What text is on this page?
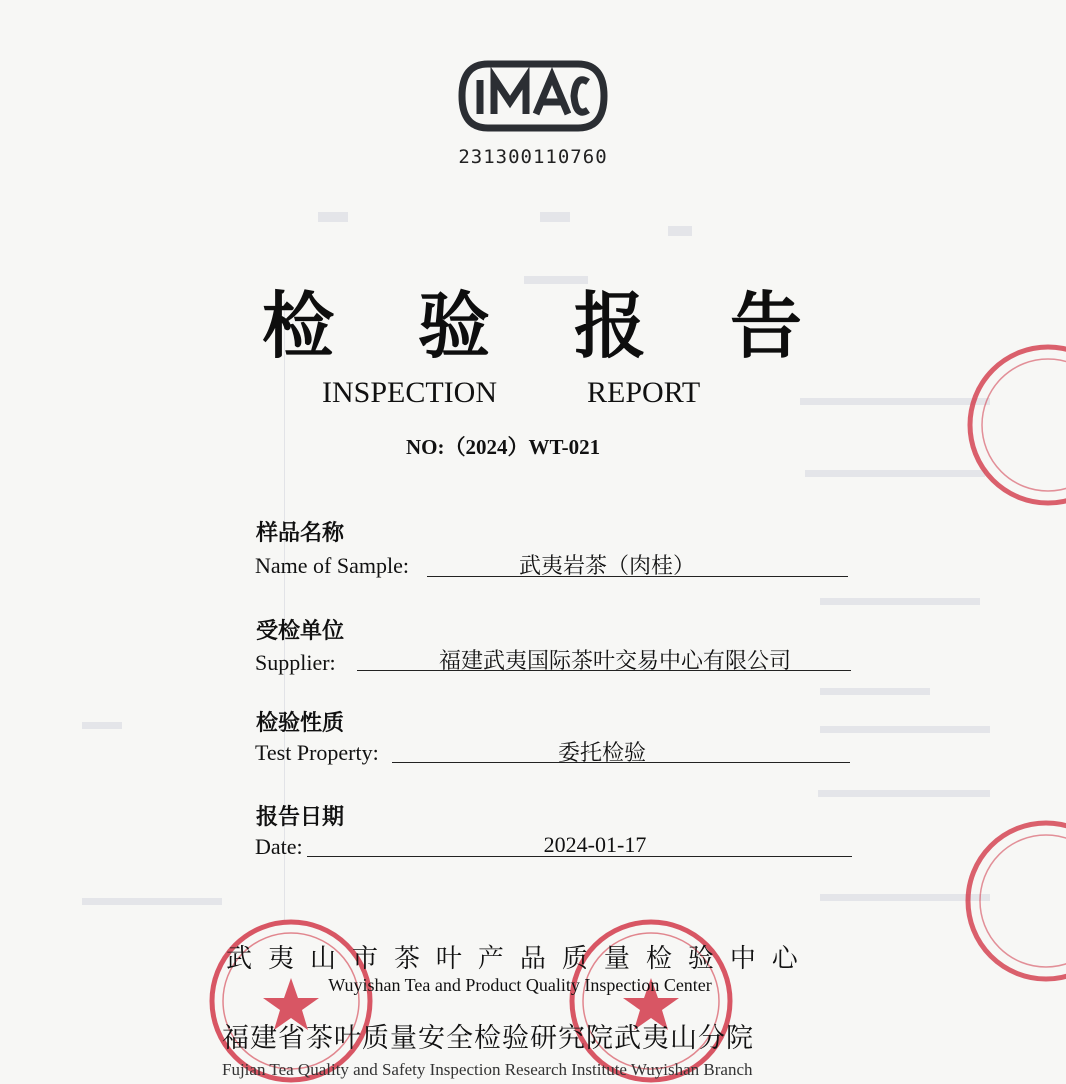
231300110760
检 验 报 告
INSPECTION	REPORT
NO:（2024）WT-021
样品名称
Name of Sample:	武夷岩茶（肉桂）
受检单位
Supplier:	福建武夷国际茶叶交易中心有限公司
检验性质
Test Property:	委托检验
报告日期
Date:	2024-01-17
武 夷 山 市 茶 叶 产 品 质 量 检 验 中 心
Wuyishan Tea and Product Quality Inspection Center
福建省茶叶质量安全检验研究院武夷山分院
Fujian Tea Quality and Safety Inspection Research Institute Wuyishan Branch
